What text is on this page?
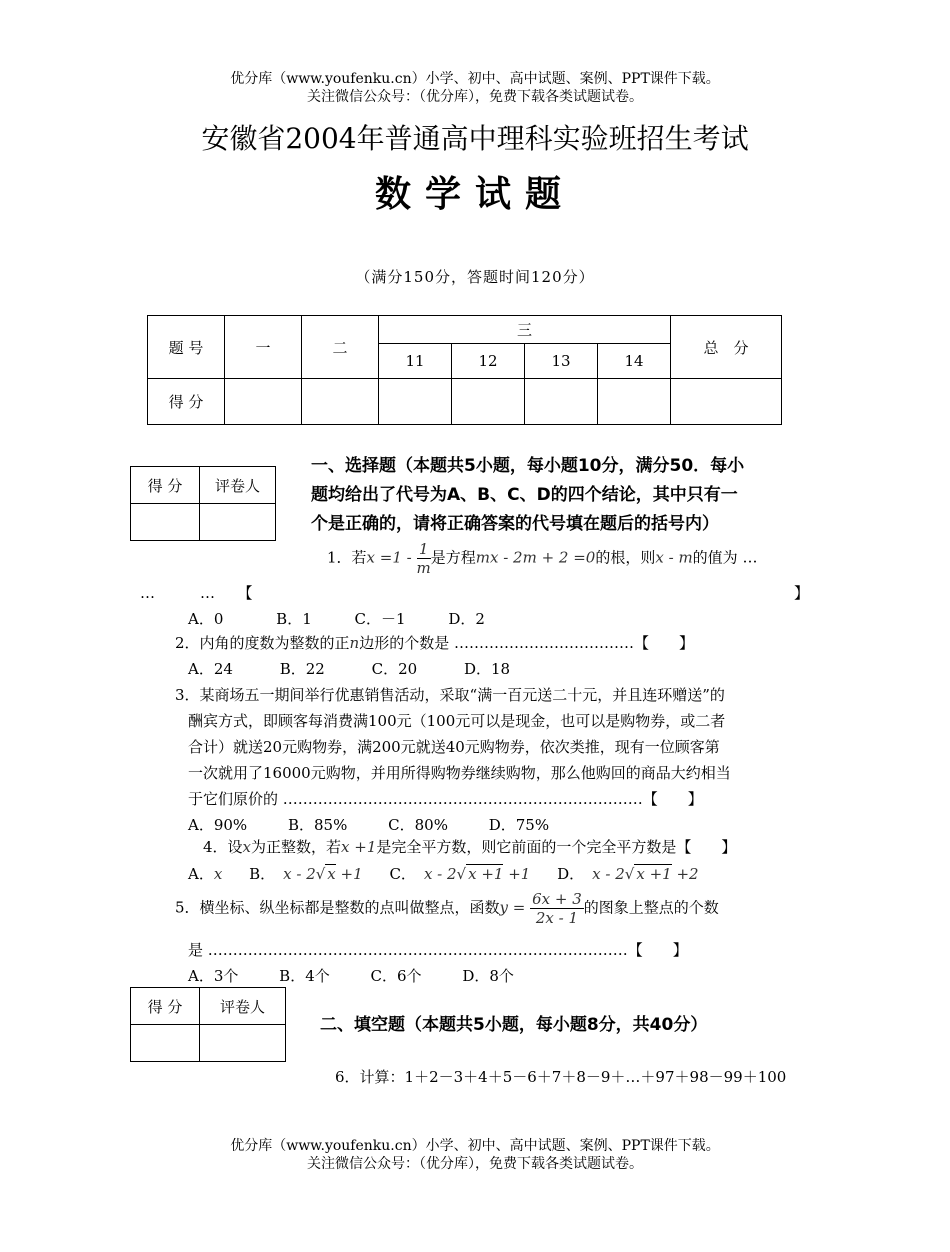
优分库（www.youfenku.cn）小学、初中、高中试题、案例、PPT课件下载。
关注微信公众号：（优分库），免费下载各类试题试卷。
安徽省2004年普通高中理科实验班招生考试
数学试题
（满分150分，答题时间120分）
题 号	一	二	三				总　分
			11	12	13	14	
得 分							
得 分	评卷人

一、选择题（本题共5小题，每小题10分，满分50．每小
题均给出了代号为A、B、C、D的四个结论，其中只有一
个是正确的，请将正确答案的代号填在题后的括号内）
1．若$x =1 - \frac{1}{m}$ 是方程mx - 2m + 2 =0的根，则x - m的值为 …
…　　　…　　【	】
A．0	B．1	C．－1	D．2
2．内角的度数为整数的正n边形的个数是 ………………………………【　　】
A．24	B．22	C．20	D．18
3．某商场五一期间举行优惠销售活动，采取“满一百元送二十元，并且连环赠送”的
酬宾方式，即顾客每消费满100元（100元可以是现金，也可以是购物券，或二者
合计）就送20元购物券，满200元就送40元购物券，依次类推，现有一位顾客第
一次就用了16000元购物，并用所得购物券继续购物，那么他购回的商品大约相当
于它们原价的 ………………………………………………………………【　　】
A．90%	B．85%	C．80%	D．75%
4．设x为正整数，若x +1是完全平方数，则它前面的一个完全平方数是【　　】
A．x B． x - 2√ x +1 C． x - 2√ x +1 +1 D． x - 2√ x +1 +2
5．横坐标、纵坐标都是整数的点叫做整点，函数$y = \frac{6x + 3}{2x - 1}$ 的图象上整点的个数
是 …………………………………………………………………………【　　】
A．3个	B．4个	C．6个	D．8个
得 分	评卷人

二、填空题（本题共5小题，每小题8分，共40分）
6．计算：1＋2－3＋4＋5－6＋7＋8－9＋…＋97＋98－99＋100
优分库（www.youfenku.cn）小学、初中、高中试题、案例、PPT课件下载。
关注微信公众号：（优分库），免费下载各类试题试卷。
